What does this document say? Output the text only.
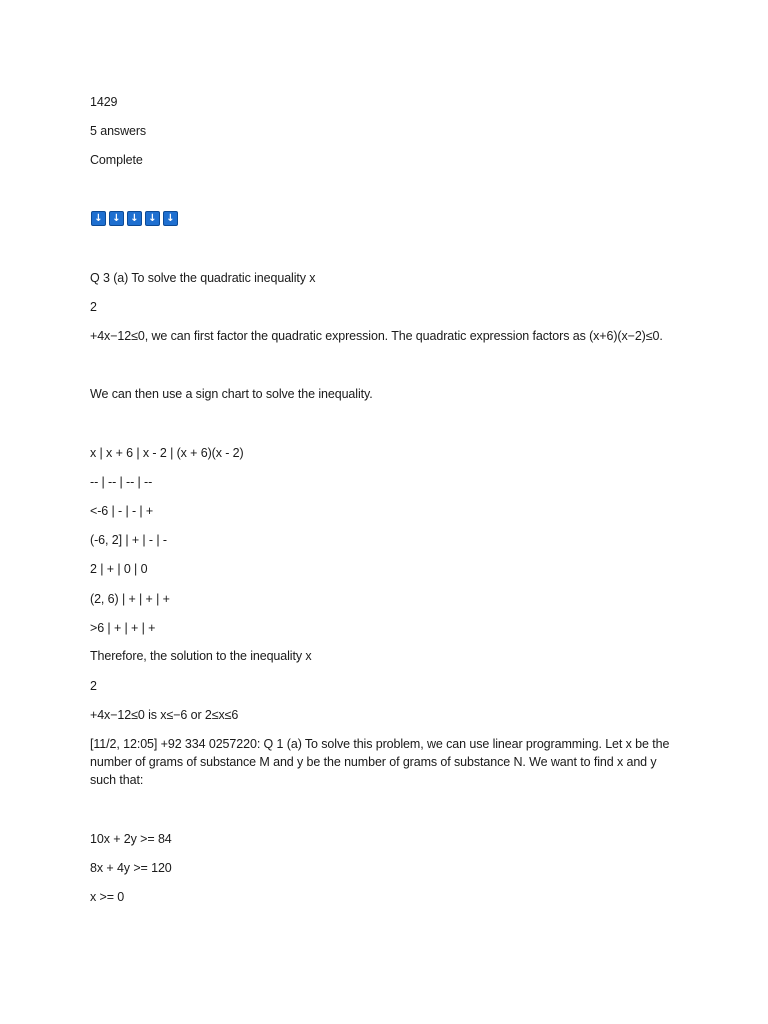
1429
5 answers
Complete
↓ ↓ ↓ ↓ ↓
Q 3 (a) To solve the quadratic inequality x
2
+4x−12≤0, we can first factor the quadratic expression. The quadratic expression factors as (x+6)(x−2)≤0.
We can then use a sign chart to solve the inequality.
x | x + 6 | x - 2 | (x + 6)(x - 2)
-- | -- | -- | --
<-6 | - | - | +
(-6, 2] | + | - | -
2 | + | 0 | 0
(2, 6) | + | + | +
>6 | + | + | +
Therefore, the solution to the inequality x
2
+4x−12≤0 is x≤−6 or 2≤x≤6
[11/2, 12:05] +92 334 0257220: Q 1 (a) To solve this problem, we can use linear programming. Let x be the number of grams of substance M and y be the number of grams of substance N. We want to find x and y such that:
10x + 2y >= 84
8x + 4y >= 120
x >= 0
